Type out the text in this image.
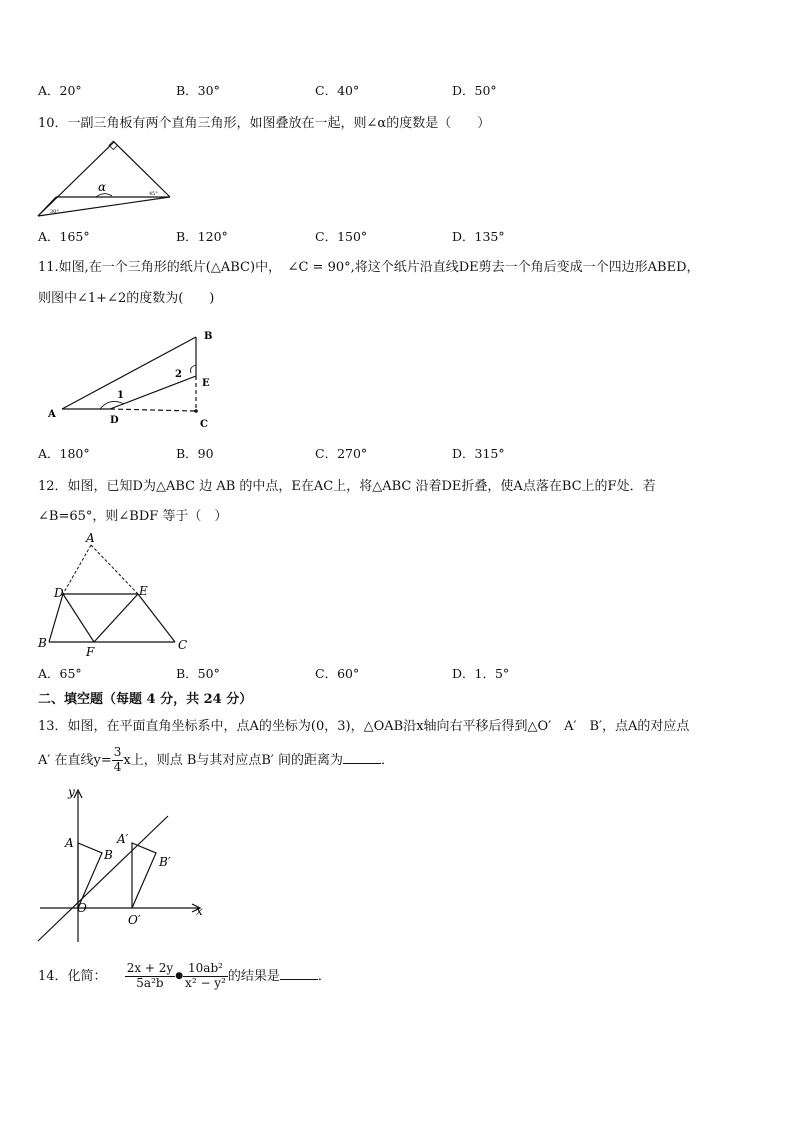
A．20°	B．30°	C．40°	D．50°
10．一副三角板有两个直角三角形，如图叠放在一起，则∠α的度数是（　　）
α
30°
45°
A．165°	B．120°	C．150°	D．135°
11.如图,在一个三角形的纸片(△ABC)中，　∠C = 90°,将这个纸片沿直线DE剪去一个角后变成一个四边形ABED，
则图中∠1+∠2的度数为(　　)
A
B
C
D
E
1
2
A．180°	B．90	C．270°	D．315°
12．如图，已知D为△ABC 边 AB 的中点，E在AC上，将△ABC 沿着DE折叠，使A点落在BC上的F处．若
∠B=65°，则∠BDF 等于（　）
A
B	C
D	E
F
A．65°	B．50°	C．60°	D．1．5°
二、填空题（每题 4 分，共 24 分）
13．如图，在平面直角坐标系中，点A的坐标为(0，3)，△OAB沿x轴向右平移后得到△O′　A′　B′，点A的对应点
A′ 在直线$y= \frac{3}{4}$ x上，则点 B与其对应点B′ 间的距离为	．
y
x
O
A
B
A′
B′
O′
14．化简： $\frac{2x + 2y}{\text{5a²b}}$ ● $\frac{\text{10ab²}}{\text{x² − y²}}$ 的结果是	．
